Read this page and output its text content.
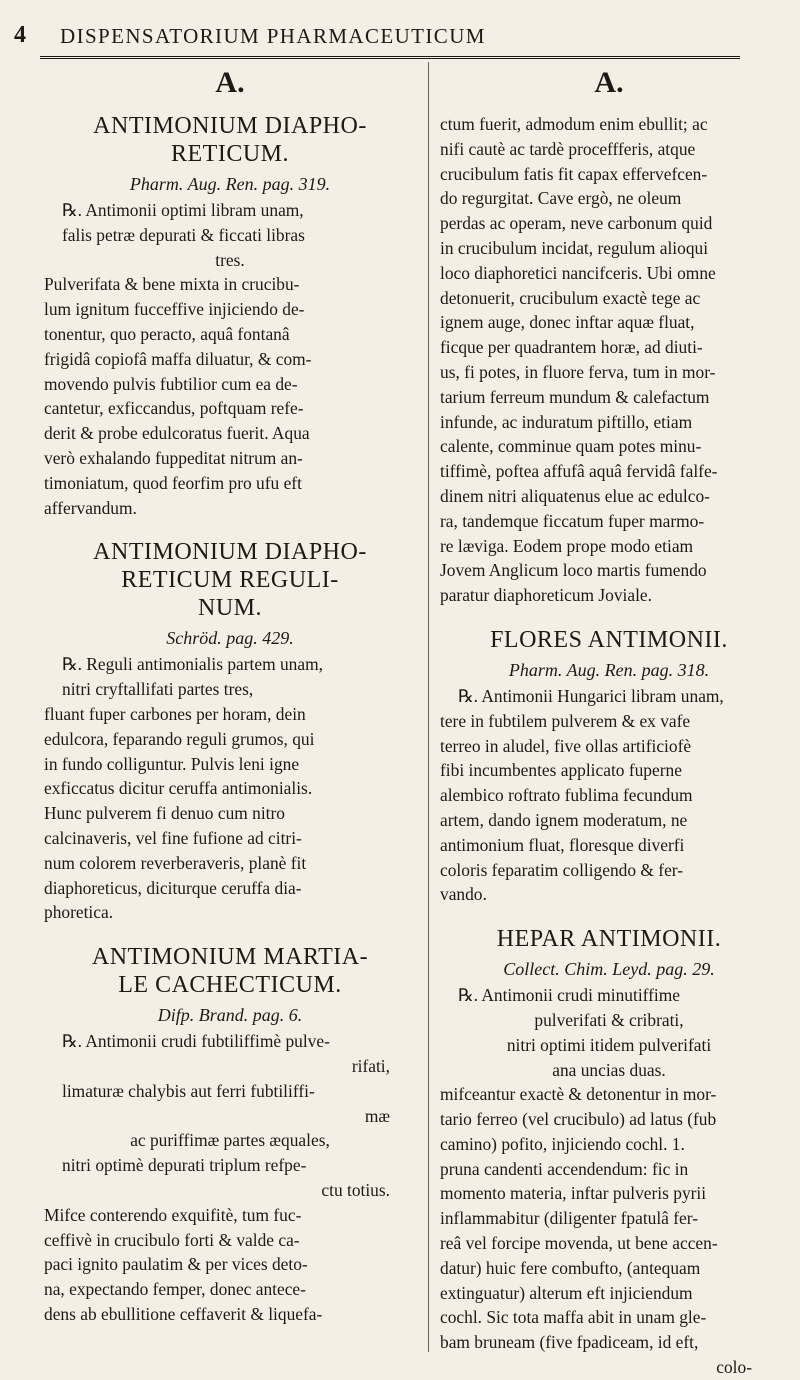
4 DISPENSATORIUM PHARMACEUTICUM
A.
ANTIMONIUM DIAPHO-
RETICUM.
Pharm. Aug. Ren. pag. 319.

℞. Antimonii optimi libram unam,

falis petræ depurati & ficcati libras

tres.

Pulverifata & bene mixta in crucibu-

lum ignitum fucceffive injiciendo de-

tonentur, quo peracto, aquâ fontanâ

frigidâ copiofâ maffa diluatur, & com-

movendo pulvis fubtilior cum ea de-

cantetur, exficcandus, poftquam refe-

derit & probe edulcoratus fuerit. Aqua

verò exhalando fuppeditat nitrum an-

timoniatum, quod feorfim pro ufu eft

affervandum.

ANTIMONIUM DIAPHO-
RETICUM REGULI-
NUM.
Schröd. pag. 429.

℞. Reguli antimonialis partem unam,

nitri cryftallifati partes tres,

fluant fuper carbones per horam, dein

edulcora, feparando reguli grumos, qui

in fundo colliguntur. Pulvis leni igne

exficcatus dicitur ceruffa antimonialis.

Hunc pulverem fi denuo cum nitro

calcinaveris, vel fine fufione ad citri-

num colorem reverberaveris, planè fit

diaphoreticus, diciturque ceruffa dia-

phoretica.

ANTIMONIUM MARTIA-
LE CACHECTICUM.
Difp. Brand. pag. 6.

℞. Antimonii crudi fubtiliffimè pulve-

rifati,

limaturæ chalybis aut ferri fubtiliffi-

mæ

ac puriffimæ partes æquales,

nitri optimè depurati triplum refpe-

ctu totius.

Mifce conterendo exquifitè, tum fuc-

ceffivè in crucibulo forti & valde ca-

paci ignito paulatim & per vices deto-

na, expectando femper, donec antece-

dens ab ebullitione ceffaverit & liquefa-

A.

ctum fuerit, admodum enim ebullit; ac

nifi cautè ac tardè proceffferis, atque

crucibulum fatis fit capax effervefcen-

do regurgitat. Cave ergò, ne oleum

perdas ac operam, neve carbonum quid

in crucibulum incidat, regulum alioqui

loco diaphoretici nancifceris. Ubi omne

detonuerit, crucibulum exactè tege ac

ignem auge, donec inftar aquæ fluat,

ficque per quadrantem horæ, ad diuti-

us, fi potes, in fluore ferva, tum in mor-

tarium ferreum mundum & calefactum

infunde, ac induratum piftillo, etiam

calente, comminue quam potes minu-

tiffimè, poftea affufâ aquâ fervidâ falfe-

dinem nitri aliquatenus elue ac edulco-

ra, tandemque ficcatum fuper marmo-

re læviga. Eodem prope modo etiam

Jovem Anglicum loco martis fumendo

paratur diaphoreticum Joviale.

FLORES ANTIMONII.
Pharm. Aug. Ren. pag. 318.

℞. Antimonii Hungarici libram unam,

tere in fubtilem pulverem & ex vafe

terreo in aludel, five ollas artificiofè

fibi incumbentes applicato fuperne

alembico roftrato fublima fecundum

artem, dando ignem moderatum, ne

antimonium fluat, floresque diverfi

coloris feparatim colligendo & fer-

vando.

HEPAR ANTIMONII.
Collect. Chim. Leyd. pag. 29.

℞. Antimonii crudi minutiffime

pulverifati & cribrati,

nitri optimi itidem pulverifati

ana uncias duas.

mifceantur exactè & detonentur in mor-

tario ferreo (vel crucibulo) ad latus (fub

camino) pofito, injiciendo cochl. 1.

pruna candenti accendendum: fic in

momento materia, inftar pulveris pyrii

inflammabitur (diligenter fpatulâ fer-

reâ vel forcipe movenda, ut bene accen-

datur) huic fere combufto, (antequam

extinguatur) alterum eft injiciendum

cochl. Sic tota maffa abit in unam gle-

bam bruneam (five fpadiceam, id eft,

colo-
